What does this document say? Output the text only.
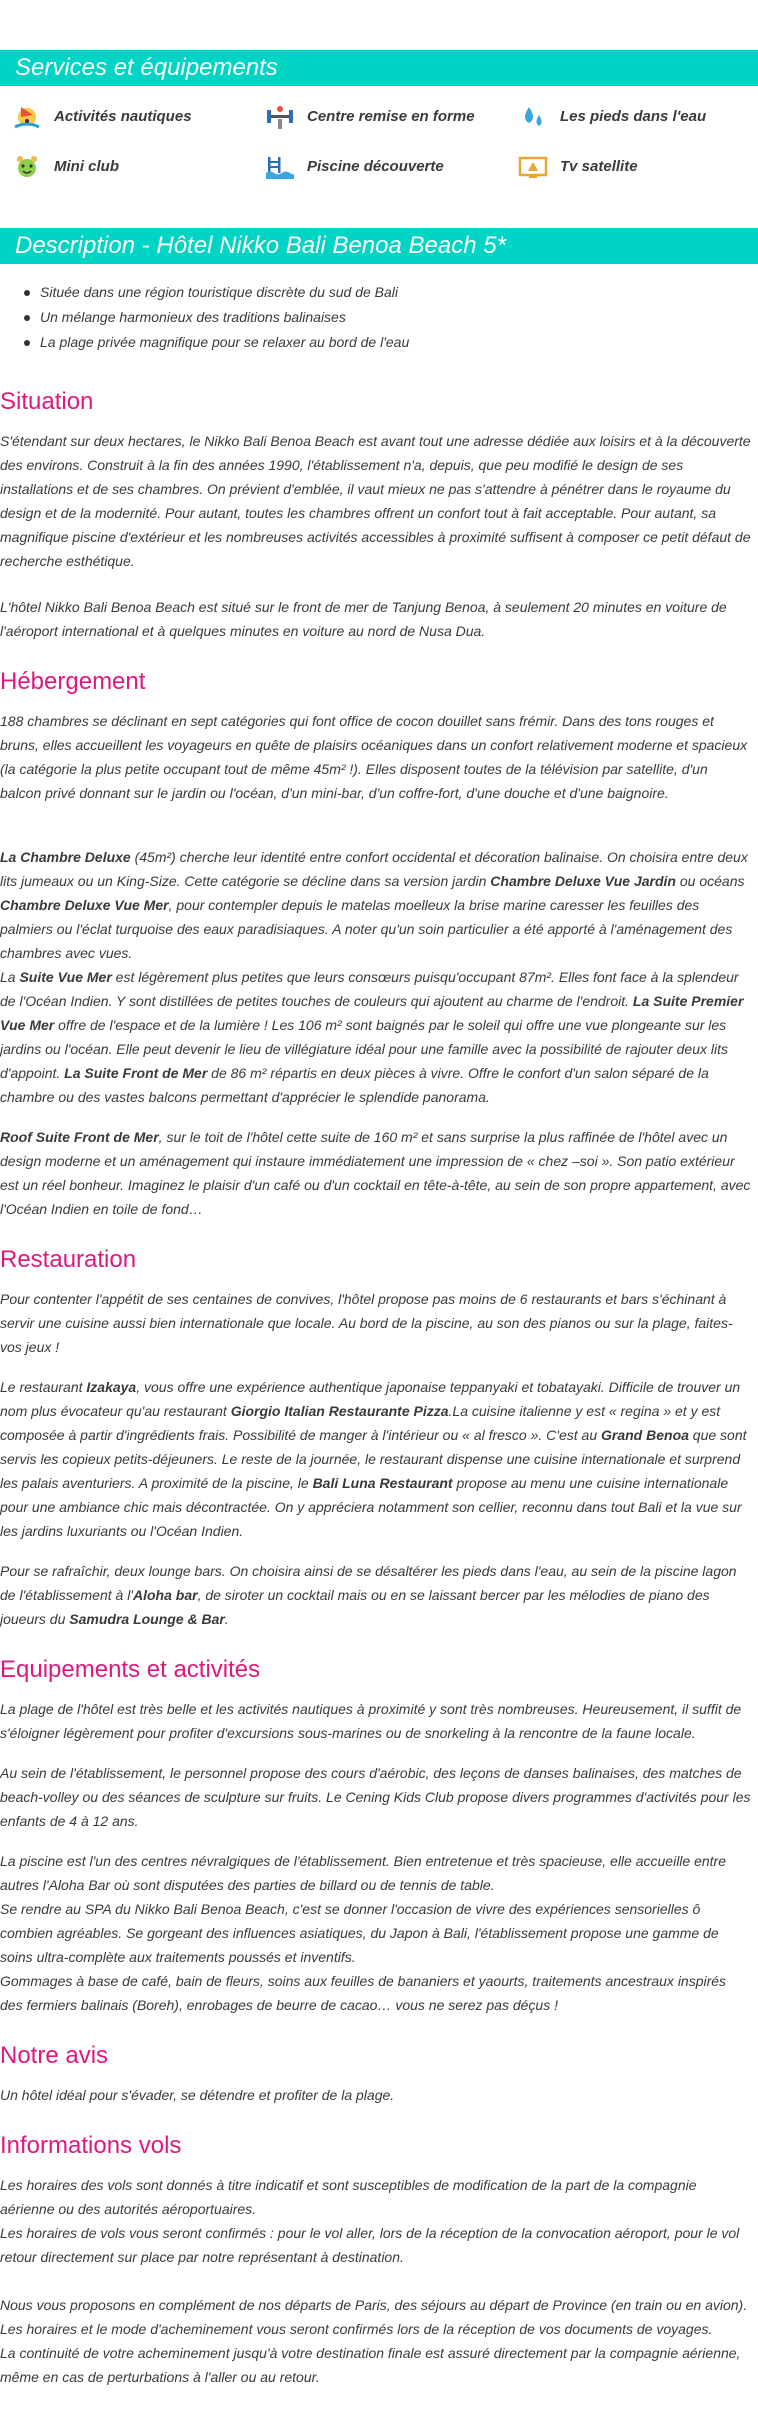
Services et équipements
Activités nautiques	Centre remise en forme	Les pieds dans l'eau
Mini club	Piscine découverte	Tv satellite
Description - Hôtel Nikko Bali Benoa Beach 5*
Située dans une région touristique discrète du sud de Bali
Un mélange harmonieux des traditions balinaises
La plage privée magnifique pour se relaxer au bord de l'eau
Situation

S'étendant sur deux hectares, le Nikko Bali Benoa Beach est avant tout une adresse dédiée aux loisirs et à la découverte des environs. Construit à la fin des années 1990, l'établissement n'a, depuis, que peu modifié le design de ses installations et de ses chambres. On prévient d'emblée, il vaut mieux ne pas s'attendre à pénétrer dans le royaume du design et de la modernité. Pour autant, toutes les chambres offrent un confort tout à fait acceptable. Pour autant, sa magnifique piscine d'extérieur et les nombreuses activités accessibles à proximité suffisent à composer ce petit défaut de recherche esthétique.

L'hôtel Nikko Bali Benoa Beach est situé sur le front de mer de Tanjung Benoa, à seulement 20 minutes en voiture de l'aéroport international et à quelques minutes en voiture au nord de Nusa Dua.

Hébergement

188 chambres se déclinant en sept catégories qui font office de cocon douillet sans frémir. Dans des tons rouges et bruns, elles accueillent les voyageurs en quête de plaisirs océaniques dans un confort relativement moderne et spacieux (la catégorie la plus petite occupant tout de même 45m² !). Elles disposent toutes de la télévision par satellite, d'un balcon privé donnant sur le jardin ou l'océan, d'un mini-bar, d'un coffre-fort, d'une douche et d'une baignoire.

La Chambre Deluxe (45m²) cherche leur identité entre confort occidental et décoration balinaise. On choisira entre deux lits jumeaux ou un King-Size. Cette catégorie se décline dans sa version jardin Chambre Deluxe Vue Jardin ou océans Chambre Deluxe Vue Mer, pour contempler depuis le matelas moelleux la brise marine caresser les feuilles des palmiers ou l'éclat turquoise des eaux paradisiaques. A noter qu'un soin particulier a été apporté à l'aménagement des chambres avec vues.

La Suite Vue Mer est légèrement plus petites que leurs consœurs puisqu'occupant 87m². Elles font face à la splendeur de l'Océan Indien. Y sont distillées de petites touches de couleurs qui ajoutent au charme de l'endroit. La Suite Premier Vue Mer offre de l'espace et de la lumière ! Les 106 m² sont baignés par le soleil qui offre une vue plongeante sur les jardins ou l'océan. Elle peut devenir le lieu de villégiature idéal pour une famille avec la possibilité de rajouter deux lits d'appoint. La Suite Front de Mer de 86 m² répartis en deux pièces à vivre. Offre le confort d'un salon séparé de la chambre ou des vastes balcons permettant d'apprécier le splendide panorama.

Roof Suite Front de Mer, sur le toit de l'hôtel cette suite de 160 m² et sans surprise la plus raffinée de l'hôtel avec un design moderne et un aménagement qui instaure immédiatement une impression de « chez –soi ». Son patio extérieur est un réel bonheur. Imaginez le plaisir d'un café ou d'un cocktail en tête-à-tête, au sein de son propre appartement, avec l'Océan Indien en toile de fond…

Restauration

Pour contenter l'appétit de ses centaines de convives, l'hôtel propose pas moins de 6 restaurants et bars s'échinant à servir une cuisine aussi bien internationale que locale. Au bord de la piscine, au son des pianos ou sur la plage, faites-vos jeux !

Le restaurant Izakaya, vous offre une expérience authentique japonaise teppanyaki et tobatayaki. Difficile de trouver un nom plus évocateur qu'au restaurant Giorgio Italian Restaurante Pizza.La cuisine italienne y est « regina » et y est composée à partir d'ingrédients frais. Possibilité de manger à l'intérieur ou « al fresco ». C'est au Grand Benoa que sont servis les copieux petits-déjeuners. Le reste de la journée, le restaurant dispense une cuisine internationale et surprend les palais aventuriers. A proximité de la piscine, le Bali Luna Restaurant propose au menu une cuisine internationale pour une ambiance chic mais décontractée. On y appréciera notamment son cellier, reconnu dans tout Bali et la vue sur les jardins luxuriants ou l'Océan Indien.

Pour se rafraîchir, deux lounge bars. On choisira ainsi de se désaltérer les pieds dans l'eau, au sein de la piscine lagon de l'établissement à l'Aloha bar, de siroter un cocktail mais ou en se laissant bercer par les mélodies de piano des joueurs du Samudra Lounge & Bar.

Equipements et activités

La plage de l'hôtel est très belle et les activités nautiques à proximité y sont très nombreuses. Heureusement, il suffit de s'éloigner légèrement pour profiter d'excursions sous-marines ou de snorkeling à la rencontre de la faune locale.

Au sein de l'établissement, le personnel propose des cours d'aérobic, des leçons de danses balinaises, des matches de beach-volley ou des séances de sculpture sur fruits. Le Cening Kids Club propose divers programmes d'activités pour les enfants de 4 à 12 ans.

La piscine est l'un des centres névralgiques de l'établissement. Bien entretenue et très spacieuse, elle accueille entre autres l'Aloha Bar où sont disputées des parties de billard ou de tennis de table.

Se rendre au SPA du Nikko Bali Benoa Beach, c'est se donner l'occasion de vivre des expériences sensorielles ô combien agréables. Se gorgeant des influences asiatiques, du Japon à Bali, l'établissement propose une gamme de soins ultra-complète aux traitements poussés et inventifs.

Gommages à base de café, bain de fleurs, soins aux feuilles de bananiers et yaourts, traitements ancestraux inspirés des fermiers balinais (Boreh), enrobages de beurre de cacao… vous ne serez pas déçus !

Notre avis

Un hôtel idéal pour s'évader, se détendre et profiter de la plage.

Informations vols

Les horaires des vols sont donnés à titre indicatif et sont susceptibles de modification de la part de la compagnie aérienne ou des autorités aéroportuaires.

Les horaires de vols vous seront confirmés : pour le vol aller, lors de la réception de la convocation aéroport, pour le vol retour directement sur place par notre représentant à destination.

Nous vous proposons en complément de nos départs de Paris, des séjours au départ de Province (en train ou en avion).

Les horaires et le mode d'acheminement vous seront confirmés lors de la réception de vos documents de voyages.

La continuité de votre acheminement jusqu'à votre destination finale est assuré directement par la compagnie aérienne, même en cas de perturbations à l'aller ou au retour.
